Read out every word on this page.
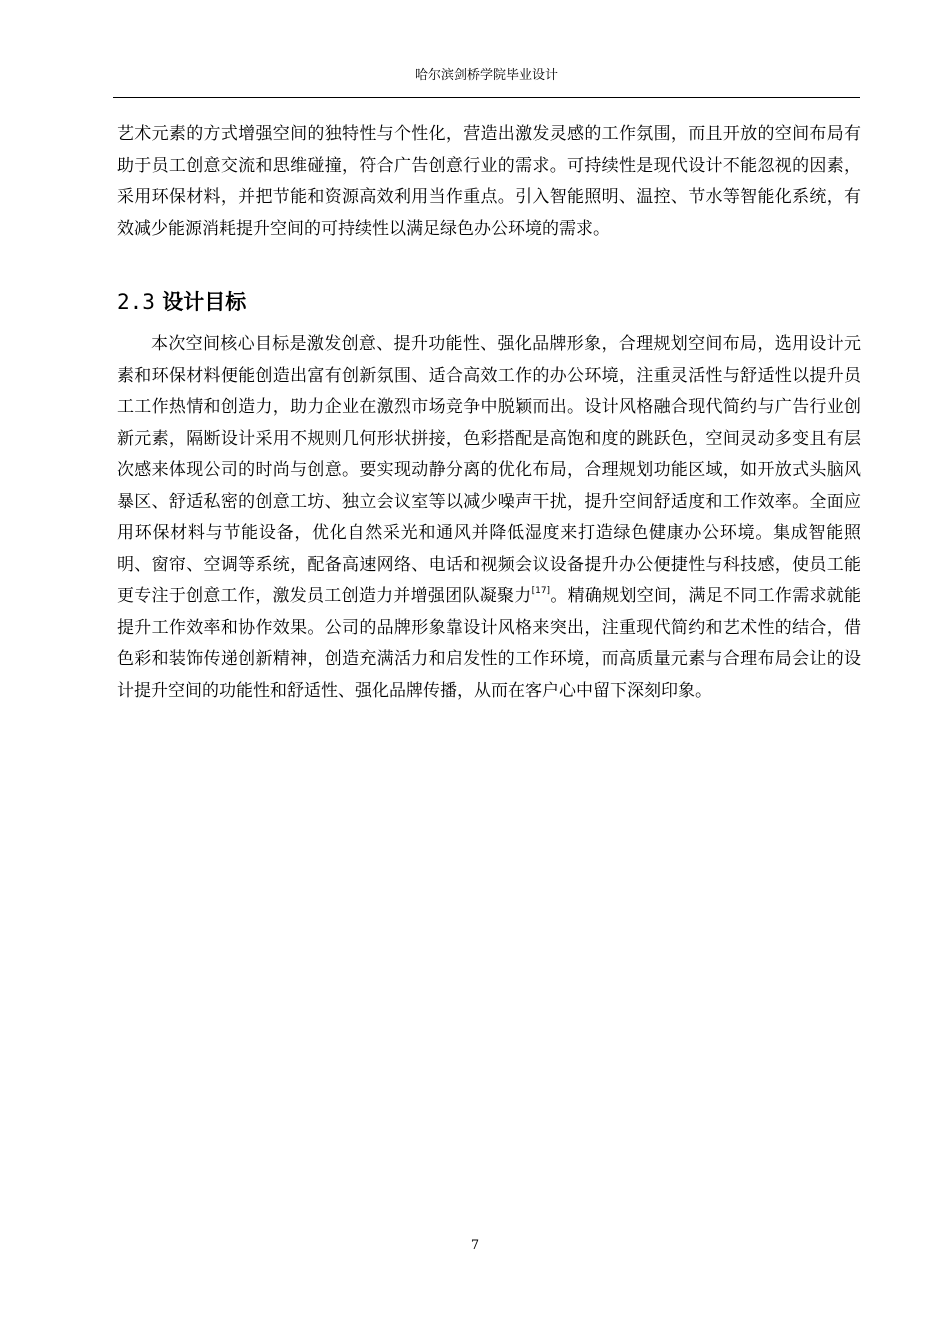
哈尔滨剑桥学院毕业设计

艺术元素的方式增强空间的独特性与个性化，营造出激发灵感的工作氛围，而且开放的空间布局有助于员工创意交流和思维碰撞，符合广告创意行业的需求。可持续性是现代设计不能忽视的因素，采用环保材料，并把节能和资源高效利用当作重点。引入智能照明、温控、节水等智能化系统，有效减少能源消耗提升空间的可持续性以满足绿色办公环境的需求。

2.3 设计目标

本次空间核心目标是激发创意、提升功能性、强化品牌形象，合理规划空间布局，选用设计元素和环保材料便能创造出富有创新氛围、适合高效工作的办公环境，注重灵活性与舒适性以提升员工工作热情和创造力，助力企业在激烈市场竞争中脱颖而出。设计风格融合现代简约与广告行业创新元素，隔断设计采用不规则几何形状拼接，色彩搭配是高饱和度的跳跃色，空间灵动多变且有层次感来体现公司的时尚与创意。要实现动静分离的优化布局，合理规划功能区域，如开放式头脑风暴区、舒适私密的创意工坊、独立会议室等以减少噪声干扰，提升空间舒适度和工作效率。全面应用环保材料与节能设备，优化自然采光和通风并降低湿度来打造绿色健康办公环境。集成智能照明、窗帘、空调等系统，配备高速网络、电话和视频会议设备提升办公便捷性与科技感，使员工能更专注于创意工作，激发员工创造力并增强团队凝聚力[17]。精确规划空间，满足不同工作需求就能提升工作效率和协作效果。公司的品牌形象靠设计风格来突出，注重现代简约和艺术性的结合，借色彩和装饰传递创新精神，创造充满活力和启发性的工作环境，而高质量元素与合理布局会让的设计提升空间的功能性和舒适性、强化品牌传播，从而在客户心中留下深刻印象。

7
